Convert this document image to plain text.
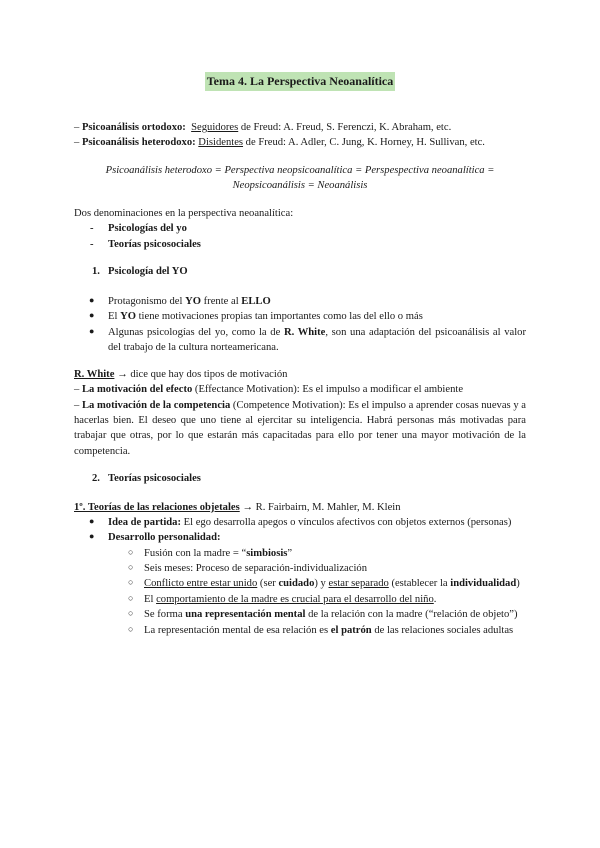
Tema 4. La Perspectiva Neoanalítica

– Psicoanálisis ortodoxo: Seguidores de Freud: A. Freud, S. Ferenczi, K. Abraham, etc.

– Psicoanálisis heterodoxo: Disidentes de Freud: A. Adler, C. Jung, K. Horney, H. Sullivan, etc.

Psicoanálisis heterodoxo = Perspectiva neopsicoanalítica = Perspespectiva neoanalítica =

Neopsicoanálisis = Neoanálisis

Dos denominaciones en la perspectiva neoanalítica:

- Psicologías del yo
- Teorías psicosociales

1. Psicología del YO

● Protagonismo del YO frente al ELLO
● El YO tiene motivaciones propias tan importantes como las del ello o más
● Algunas psicologías del yo, como la de R. White, son una adaptación del psicoanálisis al valor del trabajo de la cultura norteamericana.

R. White → dice que hay dos tipos de motivación

– La motivación del efecto (Effectance Motivation): Es el impulso a modificar el ambiente

– La motivación de la competencia (Competence Motivation): Es el impulso a aprender cosas nuevas y a hacerlas bien. El deseo que uno tiene al ejercitar su inteligencia. Habrá personas más motivadas para trabajar que otras, por lo que estarán más capacitadas para ello por tener una mayor motivación de la competencia.

2. Teorías psicosociales

1º. Teorías de las relaciones objetales → R. Fairbairn, M. Mahler, M. Klein

● Idea de partida: El ego desarrolla apegos o vínculos afectivos con objetos externos (personas)
● Desarrollo personalidad:
○ Fusión con la madre = “simbiosis”
○ Seis meses: Proceso de separación-individualización
○ Conflicto entre estar unido (ser cuidado) y estar separado (establecer la individualidad)
○ El comportamiento de la madre es crucial para el desarrollo del niño.
○ Se forma una representación mental de la relación con la madre (“relación de objeto”)
○ La representación mental de esa relación es el patrón de las relaciones sociales adultas
